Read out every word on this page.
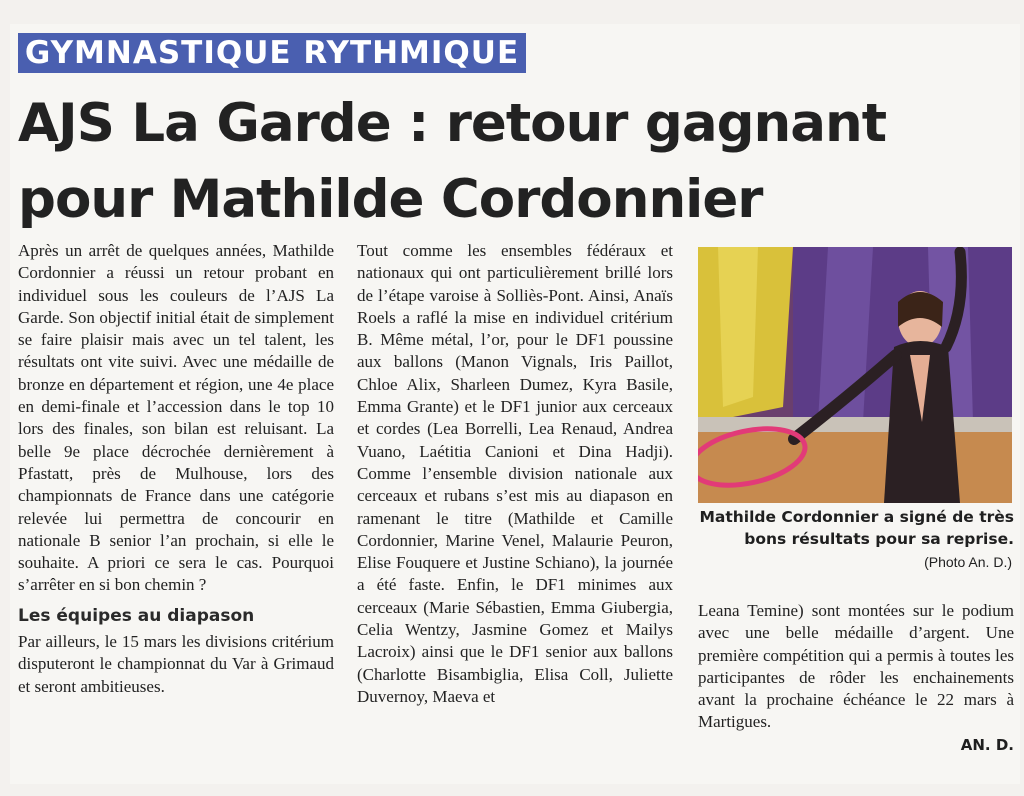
GYMNASTIQUE RYTHMIQUE
AJS La Garde : retour gagnant
pour Mathilde Cordonnier

Après un arrêt de quelques années, Mathilde Cordonnier a réussi un retour probant en individuel sous les couleurs de l’AJS La Garde. Son objectif initial était de simplement se faire plaisir mais avec un tel talent, les résultats ont vite suivi. Avec une médaille de bronze en département et région, une 4e place en demi-finale et l’accession dans le top 10 lors des finales, son bilan est reluisant. La belle 9e place décrochée dernièrement à Pfastatt, près de Mulhouse, lors des championnats de France dans une catégorie relevée lui permettra de concourir en nationale B senior l’an prochain, si elle le souhaite. A priori ce sera le cas. Pourquoi s’arrêter en si bon chemin ?

Les équipes au diapason

Par ailleurs, le 15 mars les divisions critérium disputeront le championnat du Var à Grimaud et seront ambitieuses.

Tout comme les ensembles fédéraux et nationaux qui ont particulièrement brillé lors de l’étape varoise à Solliès-Pont. Ainsi, Anaïs Roels a raflé la mise en individuel critérium B. Même métal, l’or, pour le DF1 poussine aux ballons (Manon Vignals, Iris Paillot, Chloe Alix, Sharleen Dumez, Kyra Basile, Emma Grante) et le DF1 junior aux cerceaux et cordes (Lea Borrelli, Lea Renaud, Andrea Vuano, Laétitia Canioni et Dina Hadji). Comme l’ensemble division nationale aux cerceaux et rubans s’est mis au diapason en ramenant le titre (Mathilde et Camille Cordonnier, Marine Venel, Malaurie Peuron, Elise Fouquere et Justine Schiano), la journée a été faste. Enfin, le DF1 minimes aux cerceaux (Marie Sébastien, Emma Giubergia, Celia Wentzy, Jasmine Gomez et Mailys Lacroix) ainsi que le DF1 senior aux ballons (Charlotte Bisambiglia, Elisa Coll, Juliette Duvernoy, Maeva et

Mathilde Cordonnier a signé de très bons résultats pour sa reprise.
(Photo An. D.)

Leana Temine) sont montées sur le podium avec une belle médaille d’argent. Une première compétition qui a permis à toutes les participantes de rôder les enchainements avant la prochaine échéance le 22 mars à Martigues.

AN. D.
